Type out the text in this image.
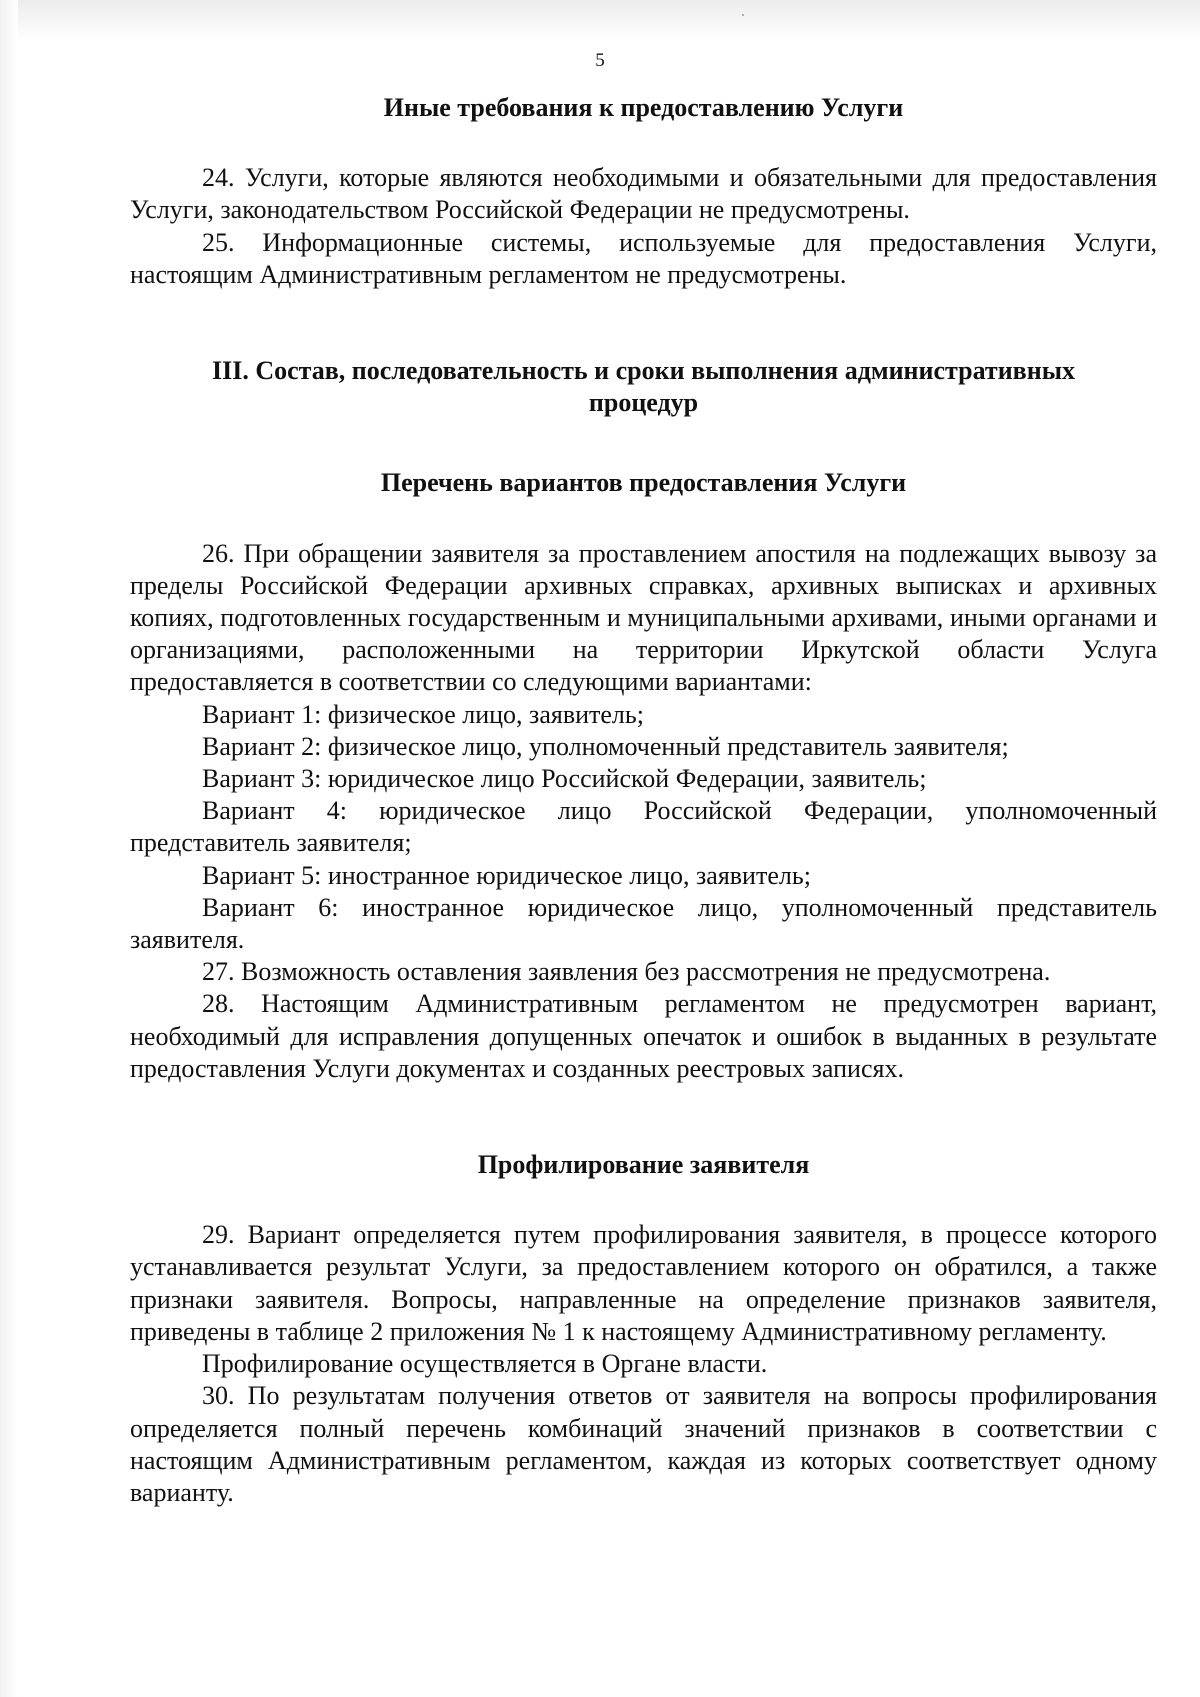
5

Иные требования к предоставлению Услуги

24. Услуги, которые являются необходимыми и обязательными для предоставления Услуги, законодательством Российской Федерации не предусмотрены.

25. Информационные системы, используемые для предоставления Услуги, настоящим Административным регламентом не предусмотрены.

III. Состав, последовательность и сроки выполнения административных

процедур

Перечень вариантов предоставления Услуги

26. При обращении заявителя за проставлением апостиля на подлежащих вывозу за пределы Российской Федерации архивных справках, архивных выписках и архивных копиях, подготовленных государственным и муниципальными архивами, иными органами и организациями, расположенными на территории Иркутской области Услуга предоставляется в соответствии со следующими вариантами:

Вариант 1: физическое лицо, заявитель;

Вариант 2: физическое лицо, уполномоченный представитель заявителя;

Вариант 3: юридическое лицо Российской Федерации, заявитель;

Вариант 4: юридическое лицо Российской Федерации, уполномоченный представитель заявителя;

Вариант 5: иностранное юридическое лицо, заявитель;

Вариант 6: иностранное юридическое лицо, уполномоченный представитель заявителя.

27. Возможность оставления заявления без рассмотрения не предусмотрена.

28. Настоящим Административным регламентом не предусмотрен вариант, необходимый для исправления допущенных опечаток и ошибок в выданных в результате предоставления Услуги документах и созданных реестровых записях.

Профилирование заявителя

29. Вариант определяется путем профилирования заявителя, в процессе которого устанавливается результат Услуги, за предоставлением которого он обратился, а также признаки заявителя. Вопросы, направленные на определение признаков заявителя, приведены в таблице 2 приложения № 1 к настоящему Административному регламенту.

Профилирование осуществляется в Органе власти.

30. По результатам получения ответов от заявителя на вопросы профилирования определяется полный перечень комбинаций значений признаков в соответствии с настоящим Административным регламентом, каждая из которых соответствует одному варианту.
